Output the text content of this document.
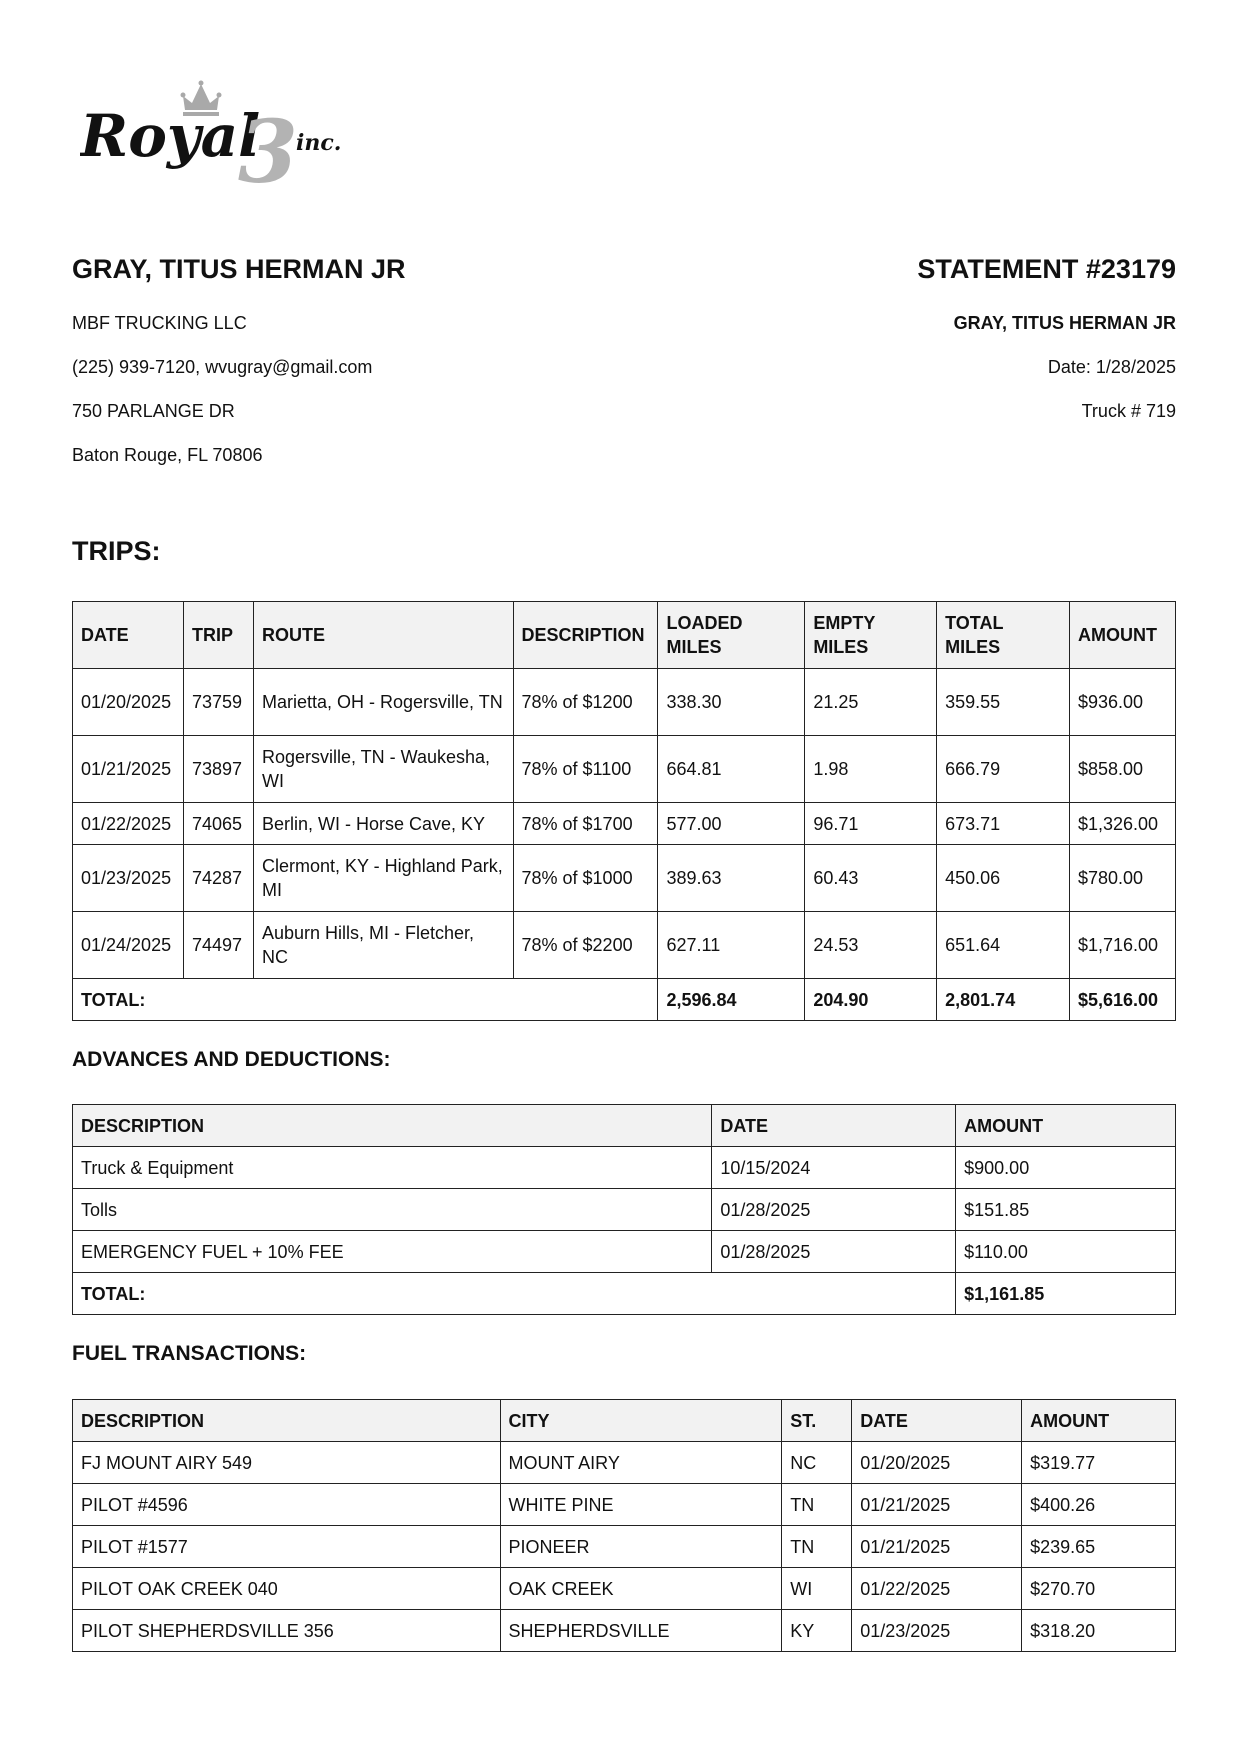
Royal
3
inc.
GRAY, TITUS HERMAN JR
MBF TRUCKING LLC
(225) 939-7120, wvugray@gmail.com
750 PARLANGE DR
Baton Rouge, FL 70806
STATEMENT #23179
GRAY, TITUS HERMAN JR
Date: 1/28/2025
Truck # 719
TRIPS:
DATE	TRIP	ROUTE	DESCRIPTION	LOADED MILES	EMPTY MILES	TOTAL MILES	AMOUNT
01/20/2025	73759	Marietta, OH - Rogersville, TN	78% of $1200	338.30	21.25	359.55	$936.00
01/21/2025	73897	Rogersville, TN - Waukesha, WI	78% of $1100	664.81	1.98	666.79	$858.00
01/22/2025	74065	Berlin, WI - Horse Cave, KY	78% of $1700	577.00	96.71	673.71	$1,326.00
01/23/2025	74287	Clermont, KY - Highland Park, MI	78% of $1000	389.63	60.43	450.06	$780.00
01/24/2025	74497	Auburn Hills, MI - Fletcher, NC	78% of $2200	627.11	24.53	651.64	$1,716.00
TOTAL:				2,596.84	204.90	2,801.74	$5,616.00
ADVANCES AND DEDUCTIONS:
DESCRIPTION	DATE	AMOUNT
Truck & Equipment	10/15/2024	$900.00
Tolls	01/28/2025	$151.85
EMERGENCY FUEL + 10% FEE	01/28/2025	$110.00
TOTAL:		$1,161.85
FUEL TRANSACTIONS:
DESCRIPTION	CITY	ST.	DATE	AMOUNT
FJ MOUNT AIRY 549	MOUNT AIRY	NC	01/20/2025	$319.77
PILOT #4596	WHITE PINE	TN	01/21/2025	$400.26
PILOT #1577	PIONEER	TN	01/21/2025	$239.65
PILOT OAK CREEK 040	OAK CREEK	WI	01/22/2025	$270.70
PILOT SHEPHERDSVILLE 356	SHEPHERDSVILLE	KY	01/23/2025	$318.20
